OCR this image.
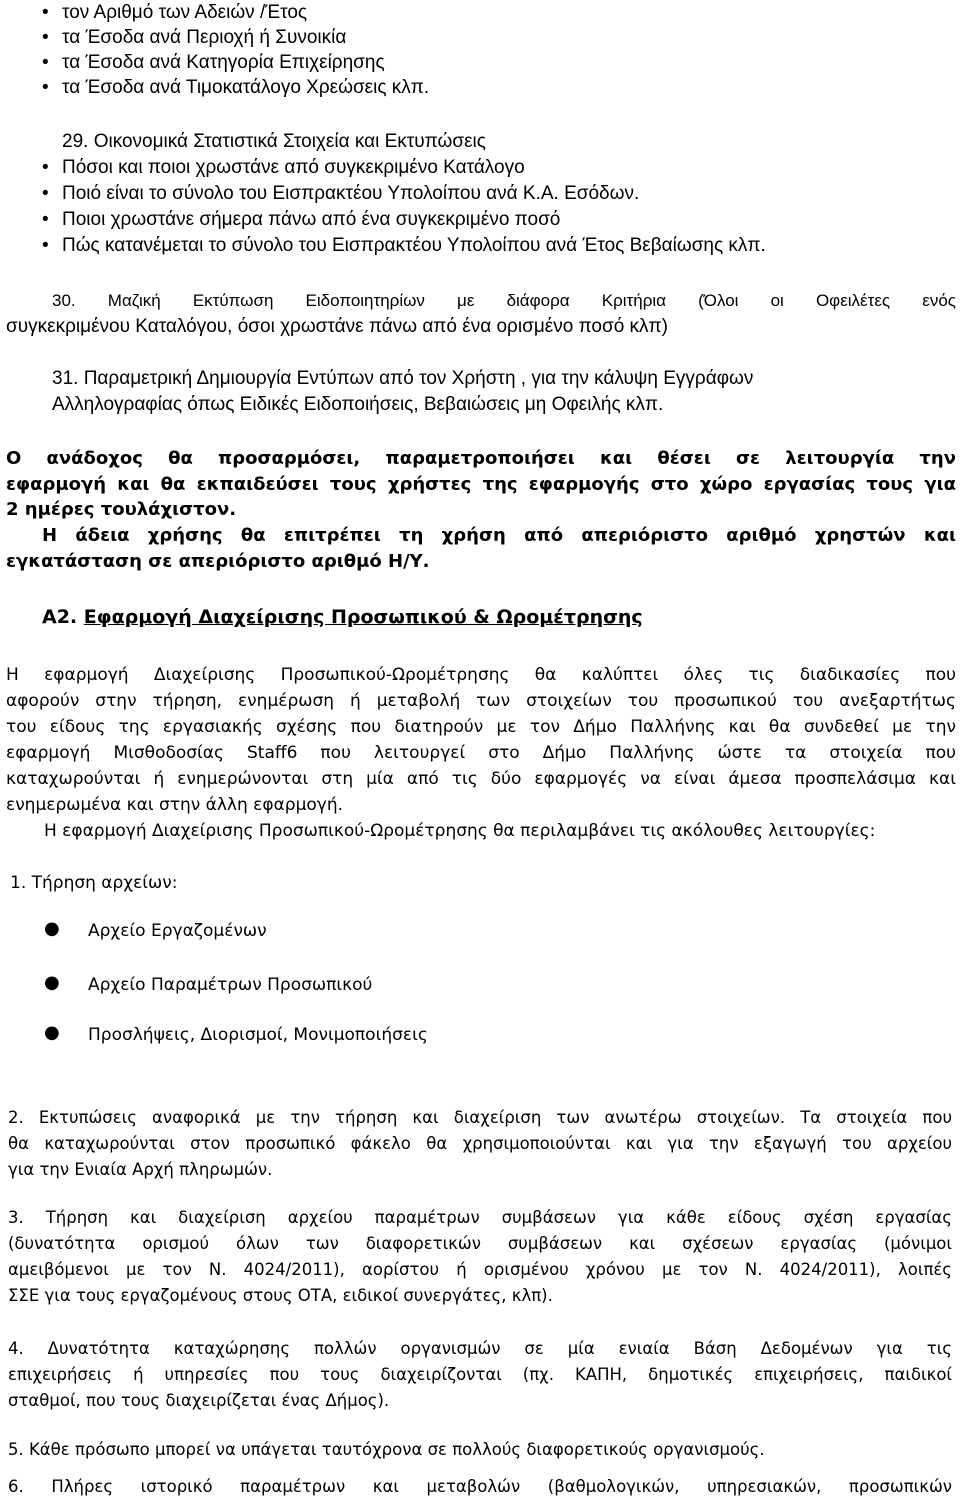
• τον Αριθμό των Αδειών /Έτος
• τα Έσοδα ανά Περιοχή ή Συνοικία
• τα Έσοδα ανά Κατηγορία Επιχείρησης
• τα Έσοδα ανά Τιμοκατάλογο Χρεώσεις κλπ.
29. Οικονομικά Στατιστικά Στοιχεία και Εκτυπώσεις
• Πόσοι και ποιοι χρωστάνε από συγκεκριμένο Κατάλογο
• Ποιό είναι το σύνολο του Εισπρακτέου Υπολοίπου ανά Κ.Α. Εσόδων.
• Ποιοι χρωστάνε σήμερα πάνω από ένα συγκεκριμένο ποσό
• Πώς κατανέμεται το σύνολο του Εισπρακτέου Υπολοίπου ανά Έτος Βεβαίωσης κλπ.
30. Μαζική Εκτύπωση Ειδοποιητηρίων με διάφορα Κριτήρια (Όλοι οι Οφειλέτες ενός
συγκεκριμένου Καταλόγου, όσοι χρωστάνε πάνω από ένα ορισμένο ποσό κλπ)
31. Παραμετρική Δημιουργία Εντύπων από τον Χρήστη , για την κάλυψη Εγγράφων
Αλληλογραφίας όπως Ειδικές Ειδοποιήσεις, Βεβαιώσεις μη Οφειλής κλπ.
Ο ανάδοχος θα προσαρμόσει, παραμετροποιήσει και θέσει σε λειτουργία την
εφαρμογή και θα εκπαιδεύσει τους χρήστες της εφαρμογής στο χώρο εργασίας τους για
2 ημέρες τουλάχιστον.
Η άδεια χρήσης θα επιτρέπει τη χρήση από απεριόριστο αριθμό χρηστών και
εγκατάσταση σε απεριόριστο αριθμό Η/Υ.
Α2. Εφαρμογή Διαχείρισης Προσωπικού & Ωρομέτρησης
Η εφαρμογή Διαχείρισης Προσωπικού-Ωρομέτρησης θα καλύπτει όλες τις διαδικασίες που
αφορούν στην τήρηση, ενημέρωση ή μεταβολή των στοιχείων του προσωπικού του ανεξαρτήτως
του είδους της εργασιακής σχέσης που διατηρούν με τον Δήμο Παλλήνης και θα συνδεθεί με την
εφαρμογή Μισθοδοσίας Staff6 που λειτουργεί στο Δήμο Παλλήνης ώστε τα στοιχεία που
καταχωρούνται ή ενημερώνονται στη μία από τις δύο εφαρμογές να είναι άμεσα προσπελάσιμα και
ενημερωμένα και στην άλλη εφαρμογή.
Η εφαρμογή Διαχείρισης Προσωπικού-Ωρομέτρησης θα περιλαμβάνει τις ακόλουθες λειτουργίες:
1. Τήρηση αρχείων:
● Αρχείο Εργαζομένων
● Αρχείο Παραμέτρων Προσωπικού
● Προσλήψεις, Διορισμοί, Μονιμοποιήσεις
2. Εκτυπώσεις αναφορικά με την τήρηση και διαχείριση των ανωτέρω στοιχείων. Τα στοιχεία που
θα καταχωρούνται στον προσωπικό φάκελο θα χρησιμοποιούνται και για την εξαγωγή του αρχείου
για την Ενιαία Αρχή πληρωμών.
3. Τήρηση και διαχείριση αρχείου παραμέτρων συμβάσεων για κάθε είδους σχέση εργασίας
(δυνατότητα ορισμού όλων των διαφορετικών συμβάσεων και σχέσεων εργασίας (μόνιμοι
αμειβόμενοι με τον Ν. 4024/2011), αορίστου ή ορισμένου χρόνου με τον Ν. 4024/2011), λοιπές
ΣΣΕ για τους εργαζομένους στους ΟΤΑ, ειδικοί συνεργάτες, κλπ).
4. Δυνατότητα καταχώρησης πολλών οργανισμών σε μία ενιαία Βάση Δεδομένων για τις
επιχειρήσεις ή υπηρεσίες που τους διαχειρίζονται (πχ. ΚΑΠΗ, δημοτικές επιχειρήσεις, παιδικοί
σταθμοί, που τους διαχειρίζεται ένας Δήμος).
5. Κάθε πρόσωπο μπορεί να υπάγεται ταυτόχρονα σε πολλούς διαφορετικούς οργανισμούς.
6. Πλήρες ιστορικό παραμέτρων και μεταβολών (βαθμολογικών, υπηρεσιακών, προσωπικών
